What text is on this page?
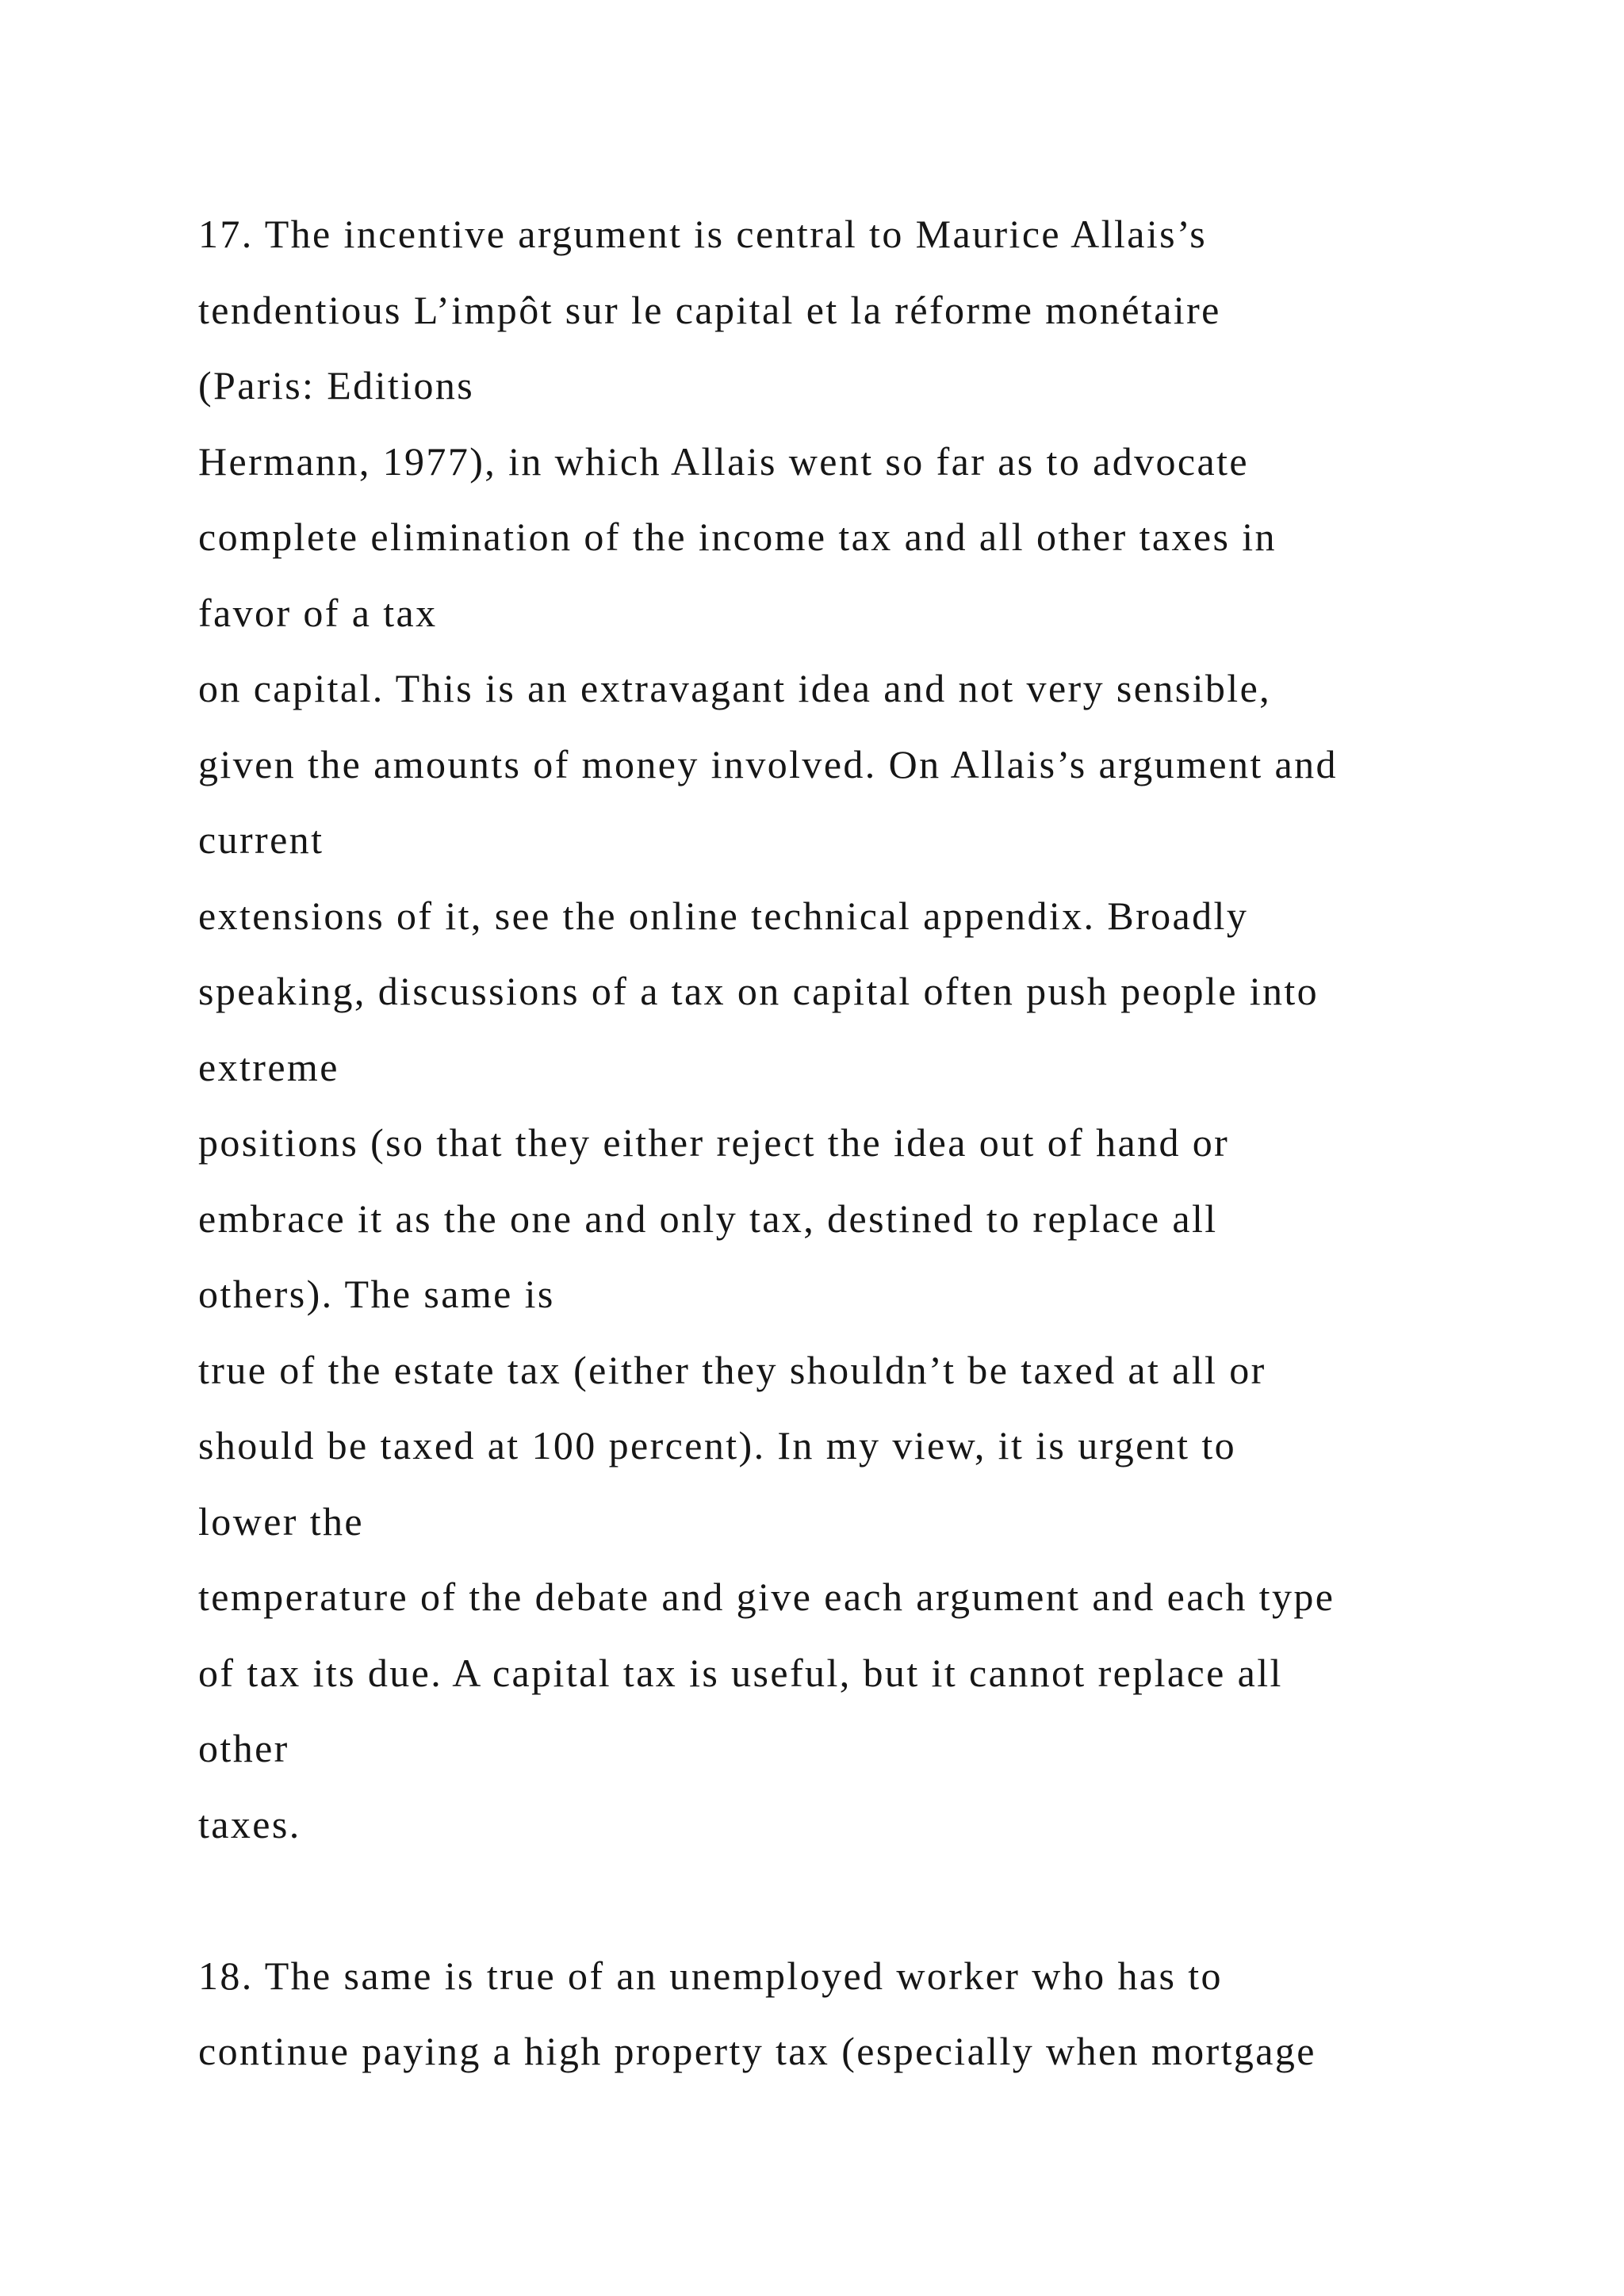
17. The incentive argument is central to Maurice Allais’s
tendentious L’impôt sur le capital et la réforme monétaire
(Paris: Editions
Hermann, 1977), in which Allais went so far as to advocate
complete elimination of the income tax and all other taxes in
favor of a tax
on capital. This is an extravagant idea and not very sensible,
given the amounts of money involved. On Allais’s argument and
current
extensions of it, see the online technical appendix. Broadly
speaking, discussions of a tax on capital often push people into
extreme
positions (so that they either reject the idea out of hand or
embrace it as the one and only tax, destined to replace all
others). The same is
true of the estate tax (either they shouldn’t be taxed at all or
should be taxed at 100 percent). In my view, it is urgent to
lower the
temperature of the debate and give each argument and each type
of tax its due. A capital tax is useful, but it cannot replace all
other
taxes.
18. The same is true of an unemployed worker who has to
continue paying a high property tax (especially when mortgage
